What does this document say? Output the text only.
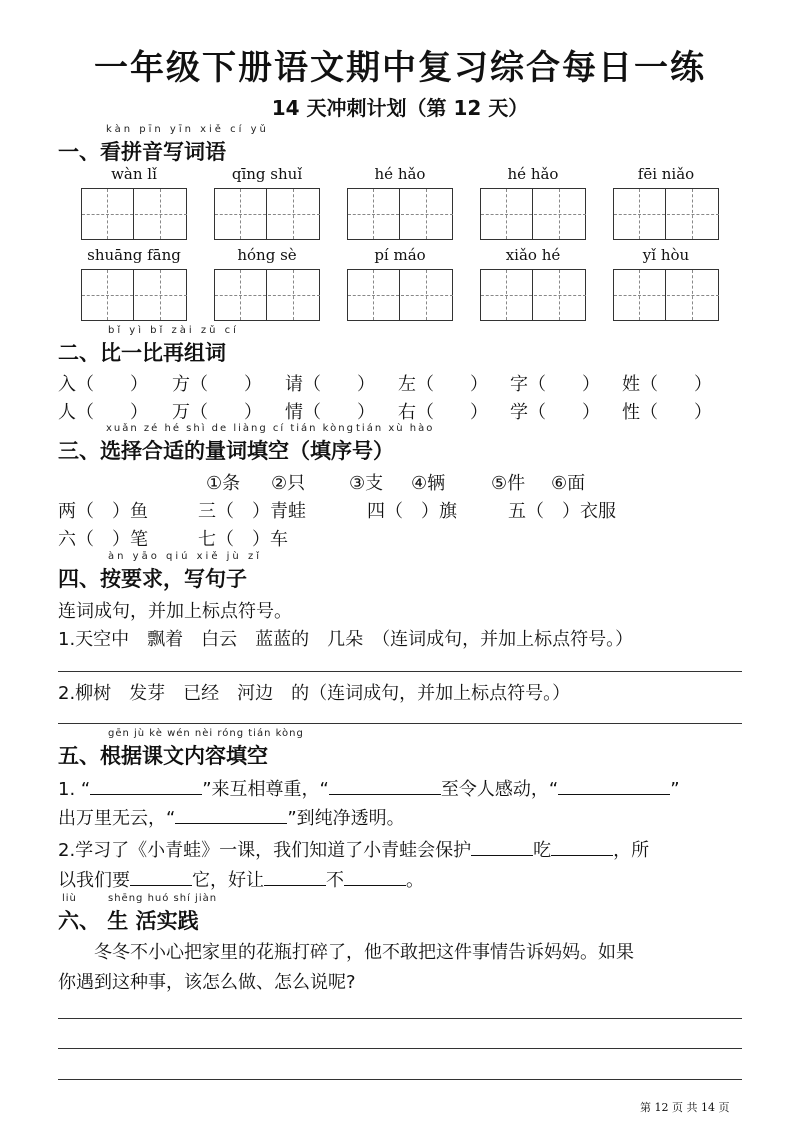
一年级下册语文期中复习综合每日一练
14 天冲刺计划（第 12 天）
kàn pīn yīn xiě cí yǔ
一、看拼音写词语
wàn lǐ	qīng shuǐ	hé hǎo	hé hǎo	fēi niǎo
shuāng fāng	hóng sè	pí máo	xiǎo hé	yǐ hòu
bǐ yì bǐ zài zǔ cí
二、比一比再组词
入（　　） 方（　　） 请（　　） 左（　　） 字（　　） 姓（　　）
人（　　） 万（　　） 情（　　） 右（　　） 学（　　） 性（　　）
xuǎn zé hé shì de liàng cí tián kòng tián xù hào
三、选择合适的量词填空（填序号）
①条 ②只 ③支 ④辆	⑤件 ⑥面
两（　）鱼	三（　）青蛙	四（　）旗	五（　）衣服
六（　）笔	七（　）车
àn yāo qiú xiě jù zǐ
四、按要求，写句子
连词成句，并加上标点符号。
1.天空中　飘着　白云　蓝蓝的　几朵　（连词成句，并加上标点符号。）
2.柳树　发芽　已经　河边　的（连词成句，并加上标点符号。）
gēn jù kè wén nèi róng tián kòng
五、根据课文内容填空
1. “	”来互相尊重，“	至令人感动，“	”
出万里无云，“	”到纯净透明。
2.学习了《小青蛙》一课，我们知道了小青蛙会保护	吃	，所
以我们要	它，好让	不	。
liù	shēng huó shí jiàn
六、 生 活实践
冬冬不小心把家里的花瓶打碎了，他不敢把这件事情告诉妈妈。如果
你遇到这种事，该怎么做、怎么说呢?
第 12 页 共 14 页
